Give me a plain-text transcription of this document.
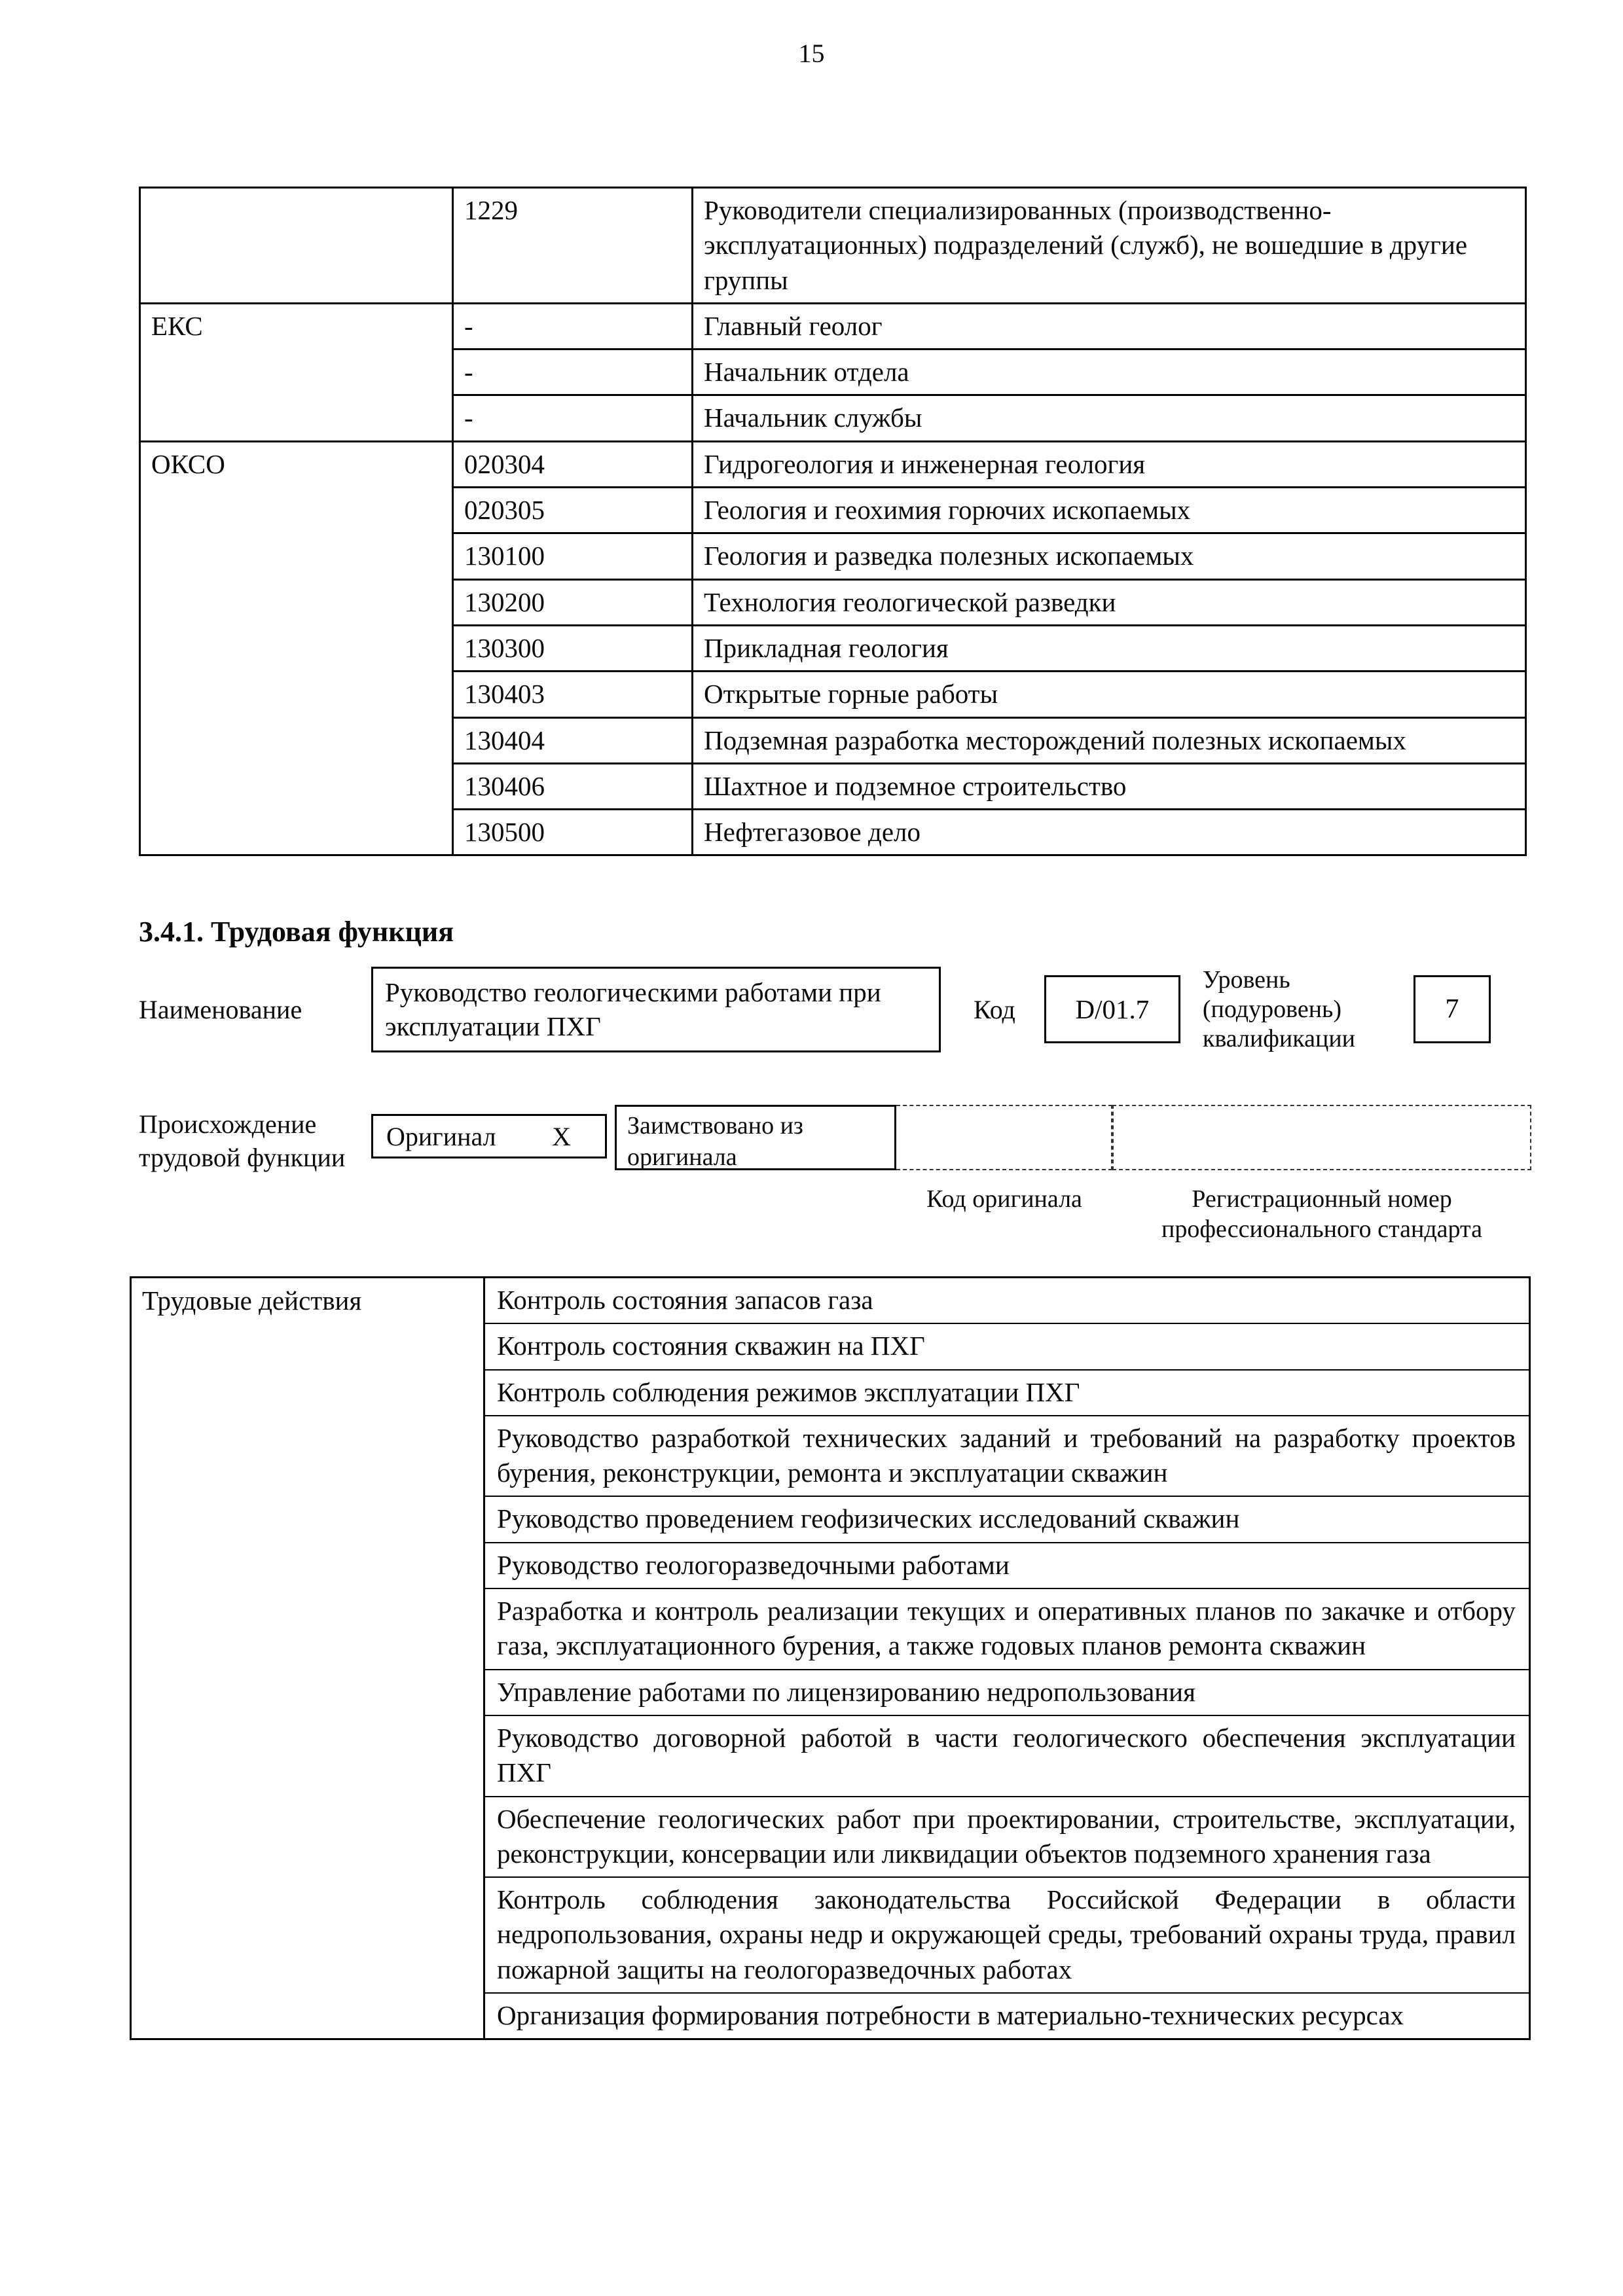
15
	1229	Руководители специализированных (производственно-эксплуатационных) подразделений (служб), не вошедшие в другие группы
ЕКС	-	Главный геолог
	-	Начальник отдела
	-	Начальник службы
ОКСО	020304	Гидрогеология и инженерная геология
	020305	Геология и геохимия горючих ископаемых
	130100	Геология и разведка полезных ископаемых
	130200	Технология геологической разведки
	130300	Прикладная геология
	130403	Открытые горные работы
	130404	Подземная разработка месторождений полезных ископаемых
	130406	Шахтное и подземное строительство
	130500	Нефтегазовое дело
3.4.1. Трудовая функция
Наименование
Руководство геологическими работами при эксплуатации ПХГ
Код	D/01.7
Уровень (подуровень) квалификации
7
Происхождение трудовой функции
Оригинал X	Заимствовано из оригинала
Код оригинала	Регистрационный номер профессионального стандарта
Трудовые действия	Контроль состояния запасов газа
Контроль состояния скважин на ПХГ
Контроль соблюдения режимов эксплуатации ПХГ
Руководство разработкой технических заданий и требований на разработку проектов бурения, реконструкции, ремонта и эксплуатации скважин
Руководство проведением геофизических исследований скважин
Руководство геологоразведочными работами
Разработка и контроль реализации текущих и оперативных планов по закачке и отбору газа, эксплуатационного бурения, а также годовых планов ремонта скважин
Управление работами по лицензированию недропользования
Руководство договорной работой в части геологического обеспечения эксплуатации ПХГ
Обеспечение геологических работ при проектировании, строительстве, эксплуатации, реконструкции, консервации или ликвидации объектов подземного хранения газа
Контроль соблюдения законодательства Российской Федерации в области недропользования, охраны недр и окружающей среды, требований охраны труда, правил пожарной защиты на геологоразведочных работах
Организация формирования потребности в материально-технических ресурсах
